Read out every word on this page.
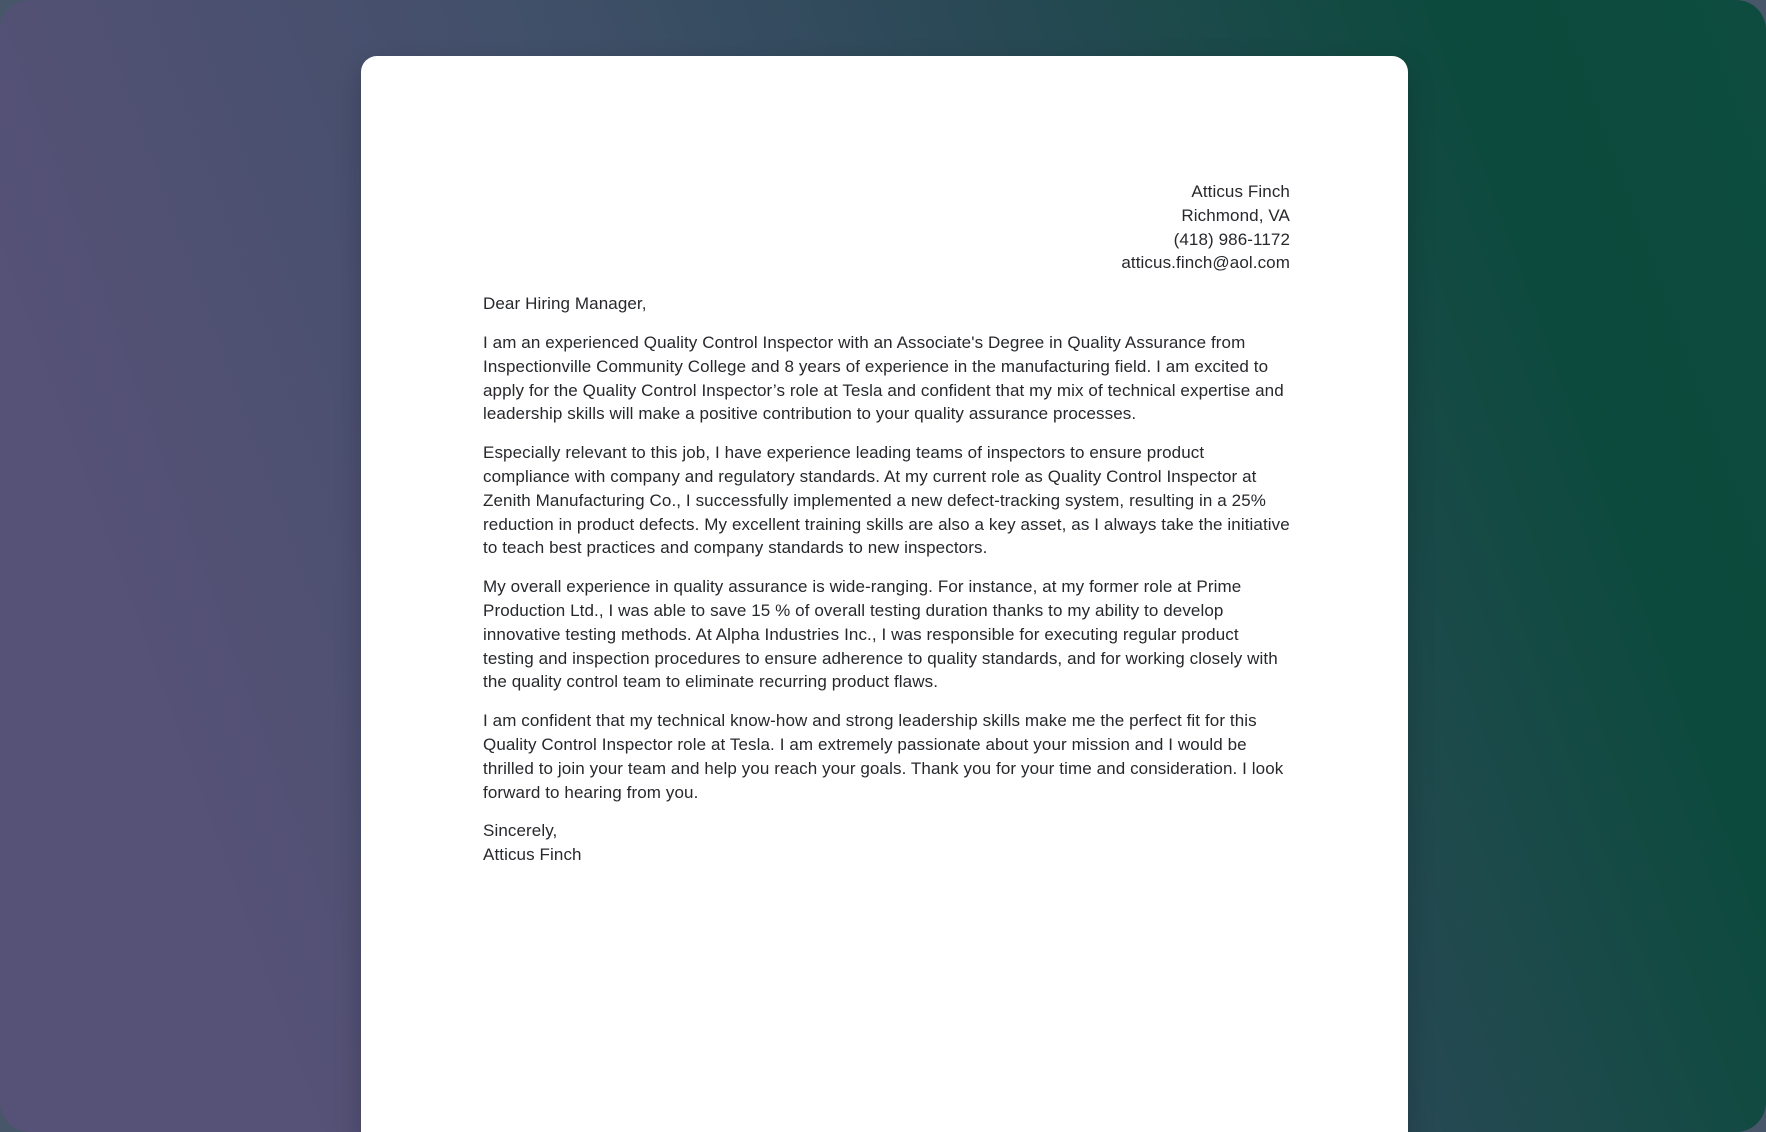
Atticus Finch
Richmond, VA
(418) 986-1172
atticus.finch@aol.com

Dear Hiring Manager,

I am an experienced Quality Control Inspector with an Associate's Degree in Quality Assurance from Inspectionville Community College and 8 years of experience in the manufacturing field. I am excited to apply for the Quality Control Inspector’s role at Tesla and confident that my mix of technical expertise and leadership skills will make a positive contribution to your quality assurance processes.

Especially relevant to this job, I have experience leading teams of inspectors to ensure product compliance with company and regulatory standards. At my current role as Quality Control Inspector at Zenith Manufacturing Co., I successfully implemented a new defect-tracking system, resulting in a 25% reduction in product defects. My excellent training skills are also a key asset, as I always take the initiative to teach best practices and company standards to new inspectors.

My overall experience in quality assurance is wide-ranging. For instance, at my former role at Prime Production Ltd., I was able to save 15 % of overall testing duration thanks to my ability to develop innovative testing methods. At Alpha Industries Inc., I was responsible for executing regular product testing and inspection procedures to ensure adherence to quality standards, and for working closely with the quality control team to eliminate recurring product flaws.

I am confident that my technical know-how and strong leadership skills make me the perfect fit for this Quality Control Inspector role at Tesla. I am extremely passionate about your mission and I would be thrilled to join your team and help you reach your goals. Thank you for your time and consideration. I look forward to hearing from you.

Sincerely,
Atticus Finch
